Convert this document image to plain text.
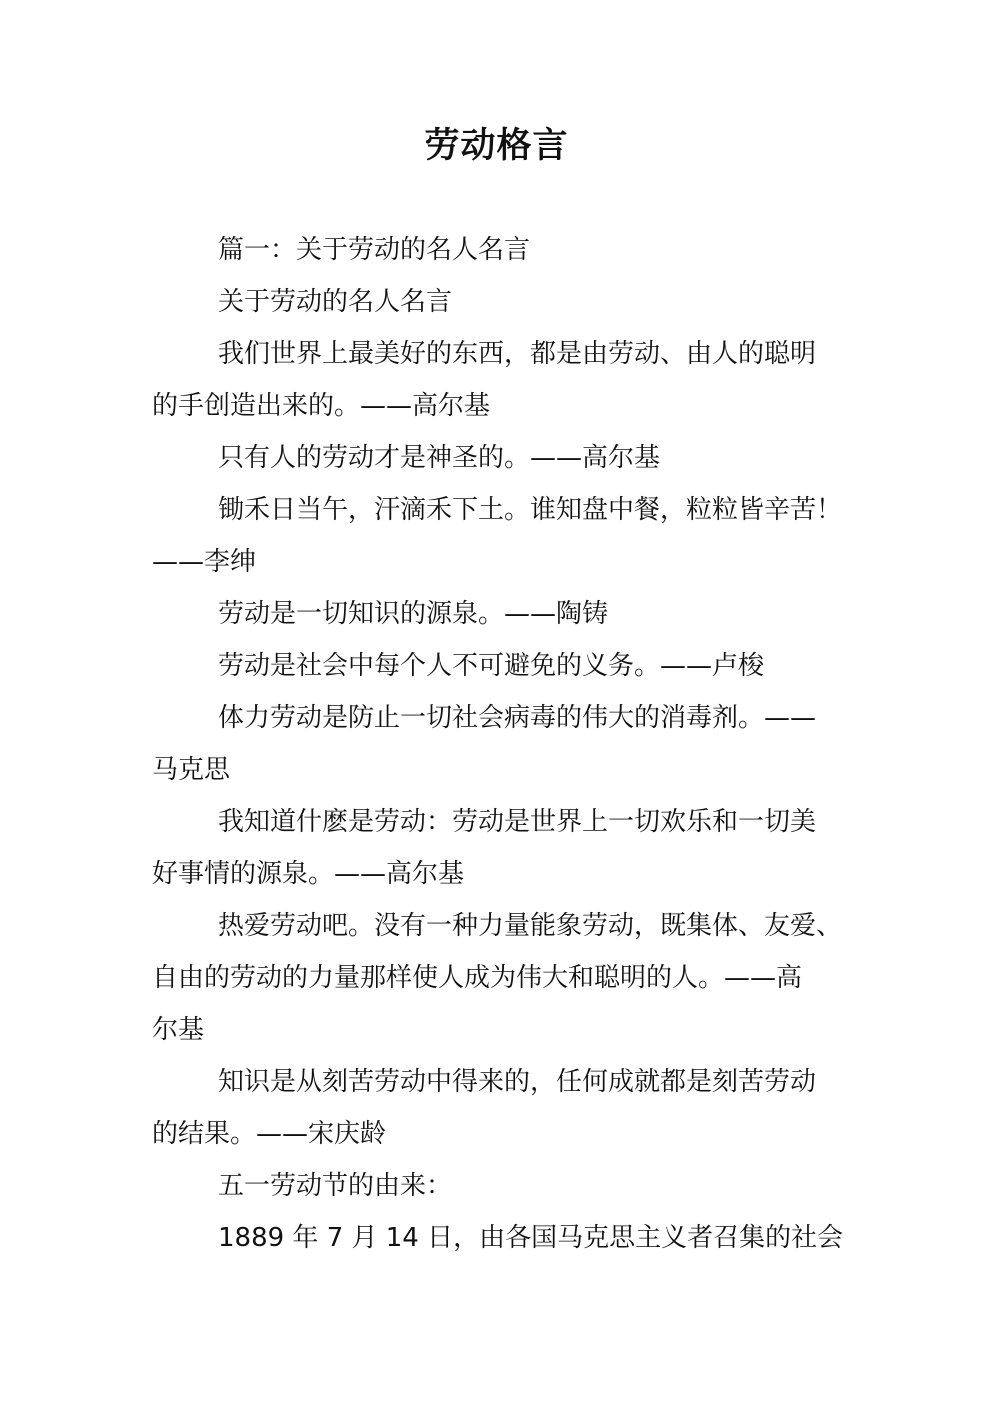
劳动格言

篇一：关于劳动的名人名言

关于劳动的名人名言

我们世界上最美好的东西，都是由劳动、由人的聪明
的手创造出来的。——高尔基

只有人的劳动才是神圣的。——高尔基

锄禾日当午，汗滴禾下土。谁知盘中餐，粒粒皆辛苦！
——李绅

劳动是一切知识的源泉。——陶铸

劳动是社会中每个人不可避免的义务。——卢梭

体力劳动是防止一切社会病毒的伟大的消毒剂。——
马克思

我知道什麽是劳动：劳动是世界上一切欢乐和一切美
好事情的源泉。——高尔基

热爱劳动吧。没有一种力量能象劳动，既集体、友爱、
自由的劳动的力量那样使人成为伟大和聪明的人。——高
尔基

知识是从刻苦劳动中得来的，任何成就都是刻苦劳动
的结果。——宋庆龄

五一劳动节的由来：

1889 年 7 月 14 日，由各国马克思主义者召集的社会
